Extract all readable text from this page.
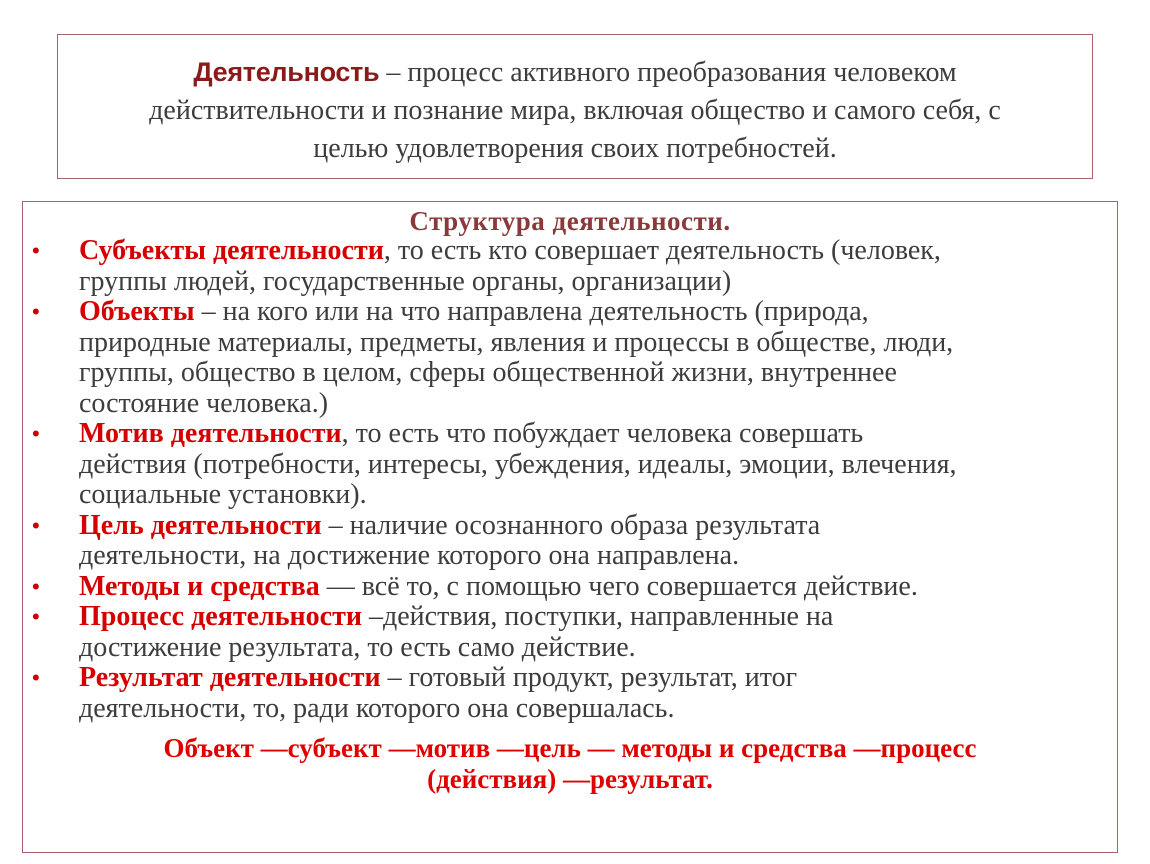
Деятельность – процесс активного преобразования человеком
действительности и познание мира, включая общество и самого себя, с
целью удовлетворения своих потребностей.
Структура деятельности.
• Субъекты деятельности, то есть кто совершает деятельность (человек,
группы людей, государственные органы, организации)
• Объекты – на кого или на что направлена деятельность (природа,
природные материалы, предметы, явления и процессы в обществе, люди,
группы, общество в целом, сферы общественной жизни, внутреннее
состояние человека.)
• Мотив деятельности, то есть что побуждает человека совершать
действия (потребности, интересы, убеждения, идеалы, эмоции, влечения,
социальные установки).
• Цель деятельности – наличие осознанного образа результата
деятельности, на достижение которого она направлена.
• Методы и средства — всё то, с помощью чего совершается действие.
• Процесс деятельности –действия, поступки, направленные на
достижение результата, то есть само действие.
• Результат деятельности – готовый продукт, результат, итог
деятельности, то, ради которого она совершалась.
Объект —субъект —мотив —цель — методы и средства —процесс
(действия) —результат.
